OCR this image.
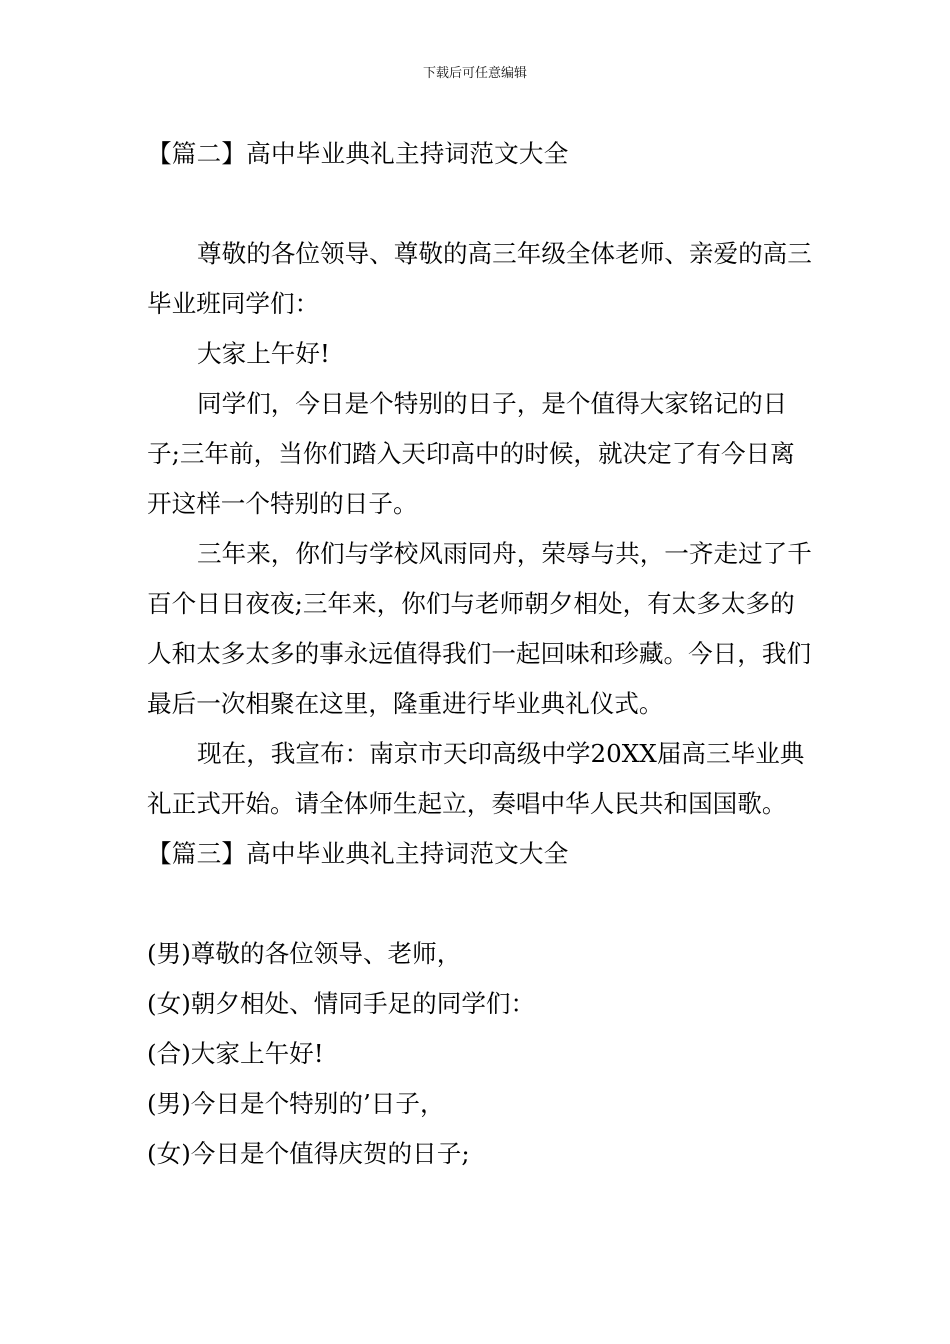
下载后可任意编辑

【篇二】高中毕业典礼主持词范文大全

尊敬的各位领导、尊敬的高三年级全体老师、亲爱的高三毕业班同学们：

大家上午好!

同学们，今日是个特别的日子，是个值得大家铭记的日子;三年前，当你们踏入天印高中的时候，就决定了有今日离开这样一个特别的日子。

三年来，你们与学校风雨同舟，荣辱与共，一齐走过了千百个日日夜夜;三年来，你们与老师朝夕相处，有太多太多的人和太多太多的事永远值得我们一起回味和珍藏。今日，我们最后一次相聚在这里，隆重进行毕业典礼仪式。

现在，我宣布：南京市天印高级中学20XX届高三毕业典礼正式开始。请全体师生起立，奏唱中华人民共和国国歌。

【篇三】高中毕业典礼主持词范文大全

(男)尊敬的各位领导、老师，

(女)朝夕相处、情同手足的同学们：

(合)大家上午好!

(男)今日是个特别的’日子，

(女)今日是个值得庆贺的日子;
